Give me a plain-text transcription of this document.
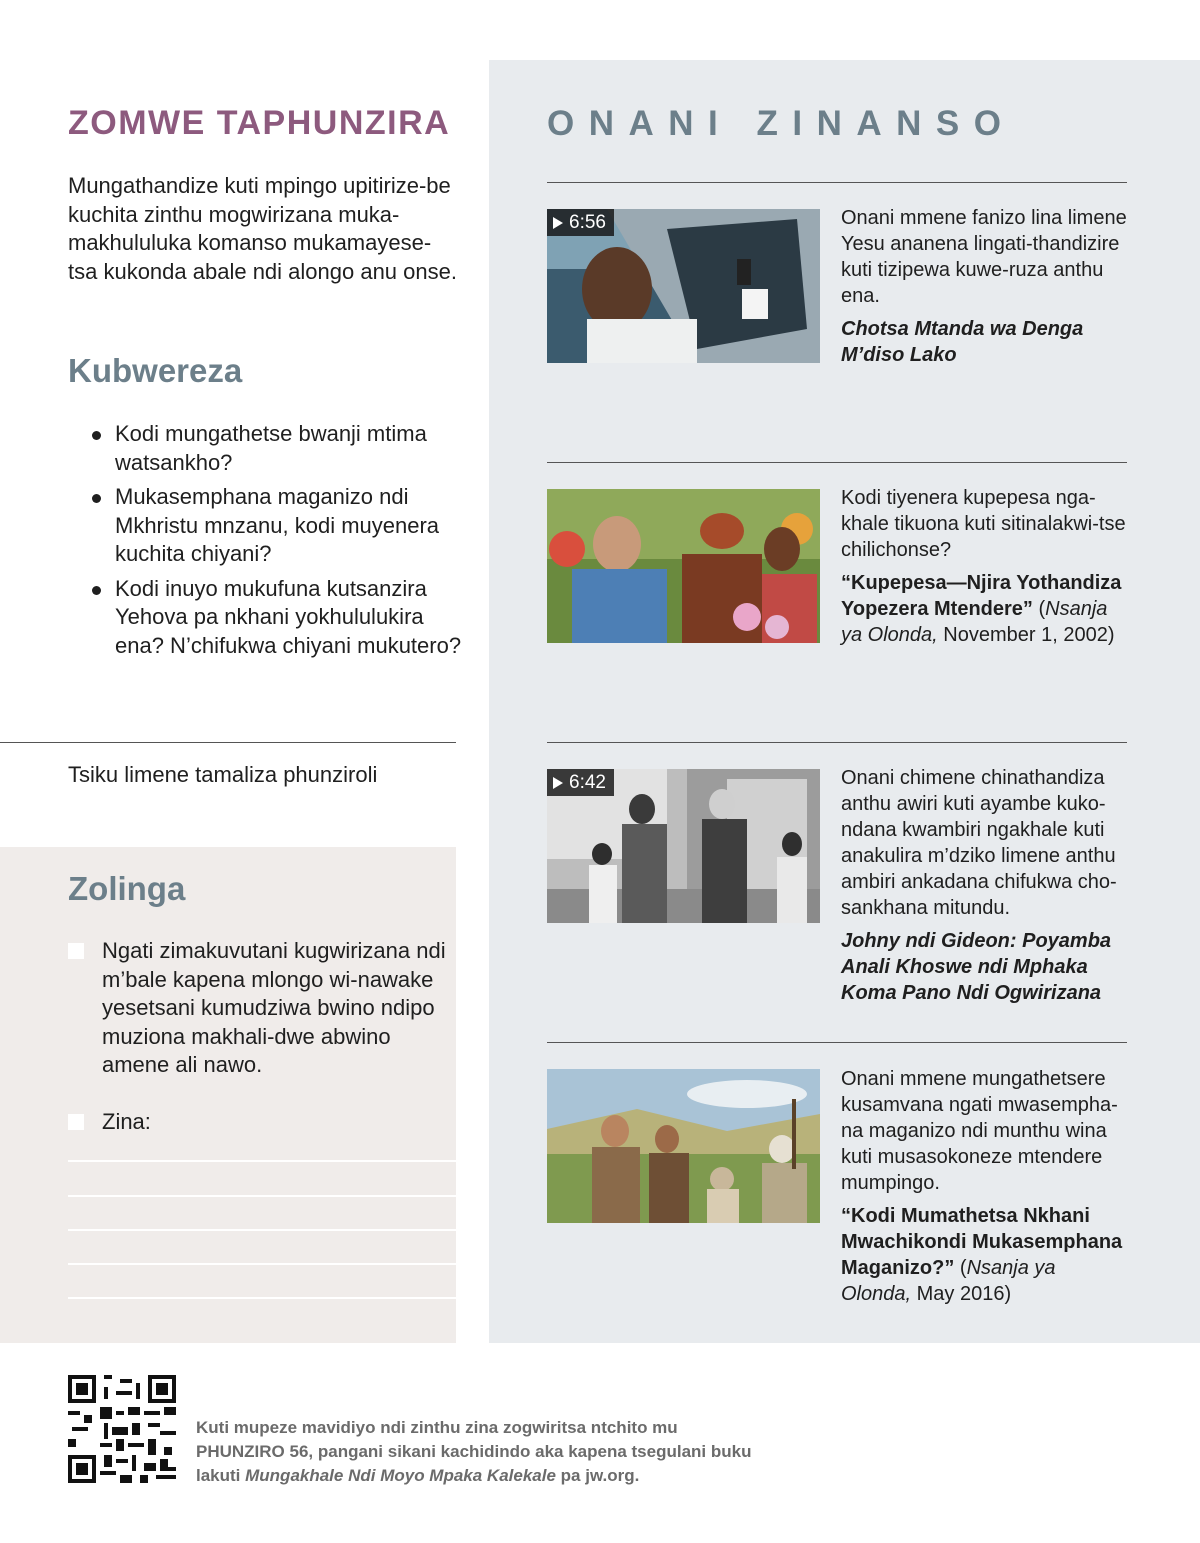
ZOMWE TAPHUNZIRA

Mungathandize kuti mpingo upitirize-be kuchita zinthu mogwirizana muka-makhululuka komanso mukamayese-tsa kukonda abale ndi alongo anu onse.

Kubwereza
Kodi mungathetse bwanji mtima watsankho?
Mukasemphana maganizo ndi Mkhristu mnzanu, kodi muyenera kuchita chiyani?
Kodi inuyo mukufuna kutsanzira Yehova pa nkhani yokhululukira ena? N’chifukwa chiyani mukutero?
Tsiku limene tamaliza phunziroli
Zolinga
Ngati zimakuvutani kugwirizana ndi m’bale kapena mlongo wi-nawake yesetsani kumudziwa bwino ndipo muziona makhali-dwe abwino amene ali nawo.
Zina:
ONANI ZINANSO
6:56	Onani mmene fanizo lina limene Yesu ananena lingati-thandizire kuti tizipewa kuwe-ruza anthu ena.

Chotsa Mtanda wa Denga M’diso Lako

Kodi tiyenera kupepesa nga-khale tikuona kuti sitinalakwi-tse chilichonse?

“Kupepesa—Njira Yothandiza Yopezera Mtendere” (Nsanja ya Olonda, November 1, 2002)

6:42	Onani chimene chinathandiza anthu awiri kuti ayambe kuko-ndana kwambiri ngakhale kuti anakulira m’dziko limene anthu ambiri ankadana chifukwa cho-sankhana mitundu.

Johny ndi Gideon: Poyamba Anali Khoswe ndi Mphaka Koma Pano Ndi Ogwirizana

Onani mmene mungathetsere kusamvana ngati mwasempha-na maganizo ndi munthu wina kuti musasokoneze mtendere mumpingo.

“Kodi Mumathetsa Nkhani Mwachikondi Mukasemphana Maganizo?” (Nsanja ya Olonda, May 2016)

Kuti mupeze mavidiyo ndi zinthu zina zogwiritsa ntchito mu PHUNZIRO 56, pangani sikani kachidindo aka kapena tsegulani buku lakuti Mungakhale Ndi Moyo Mpaka Kalekale pa jw.org.
